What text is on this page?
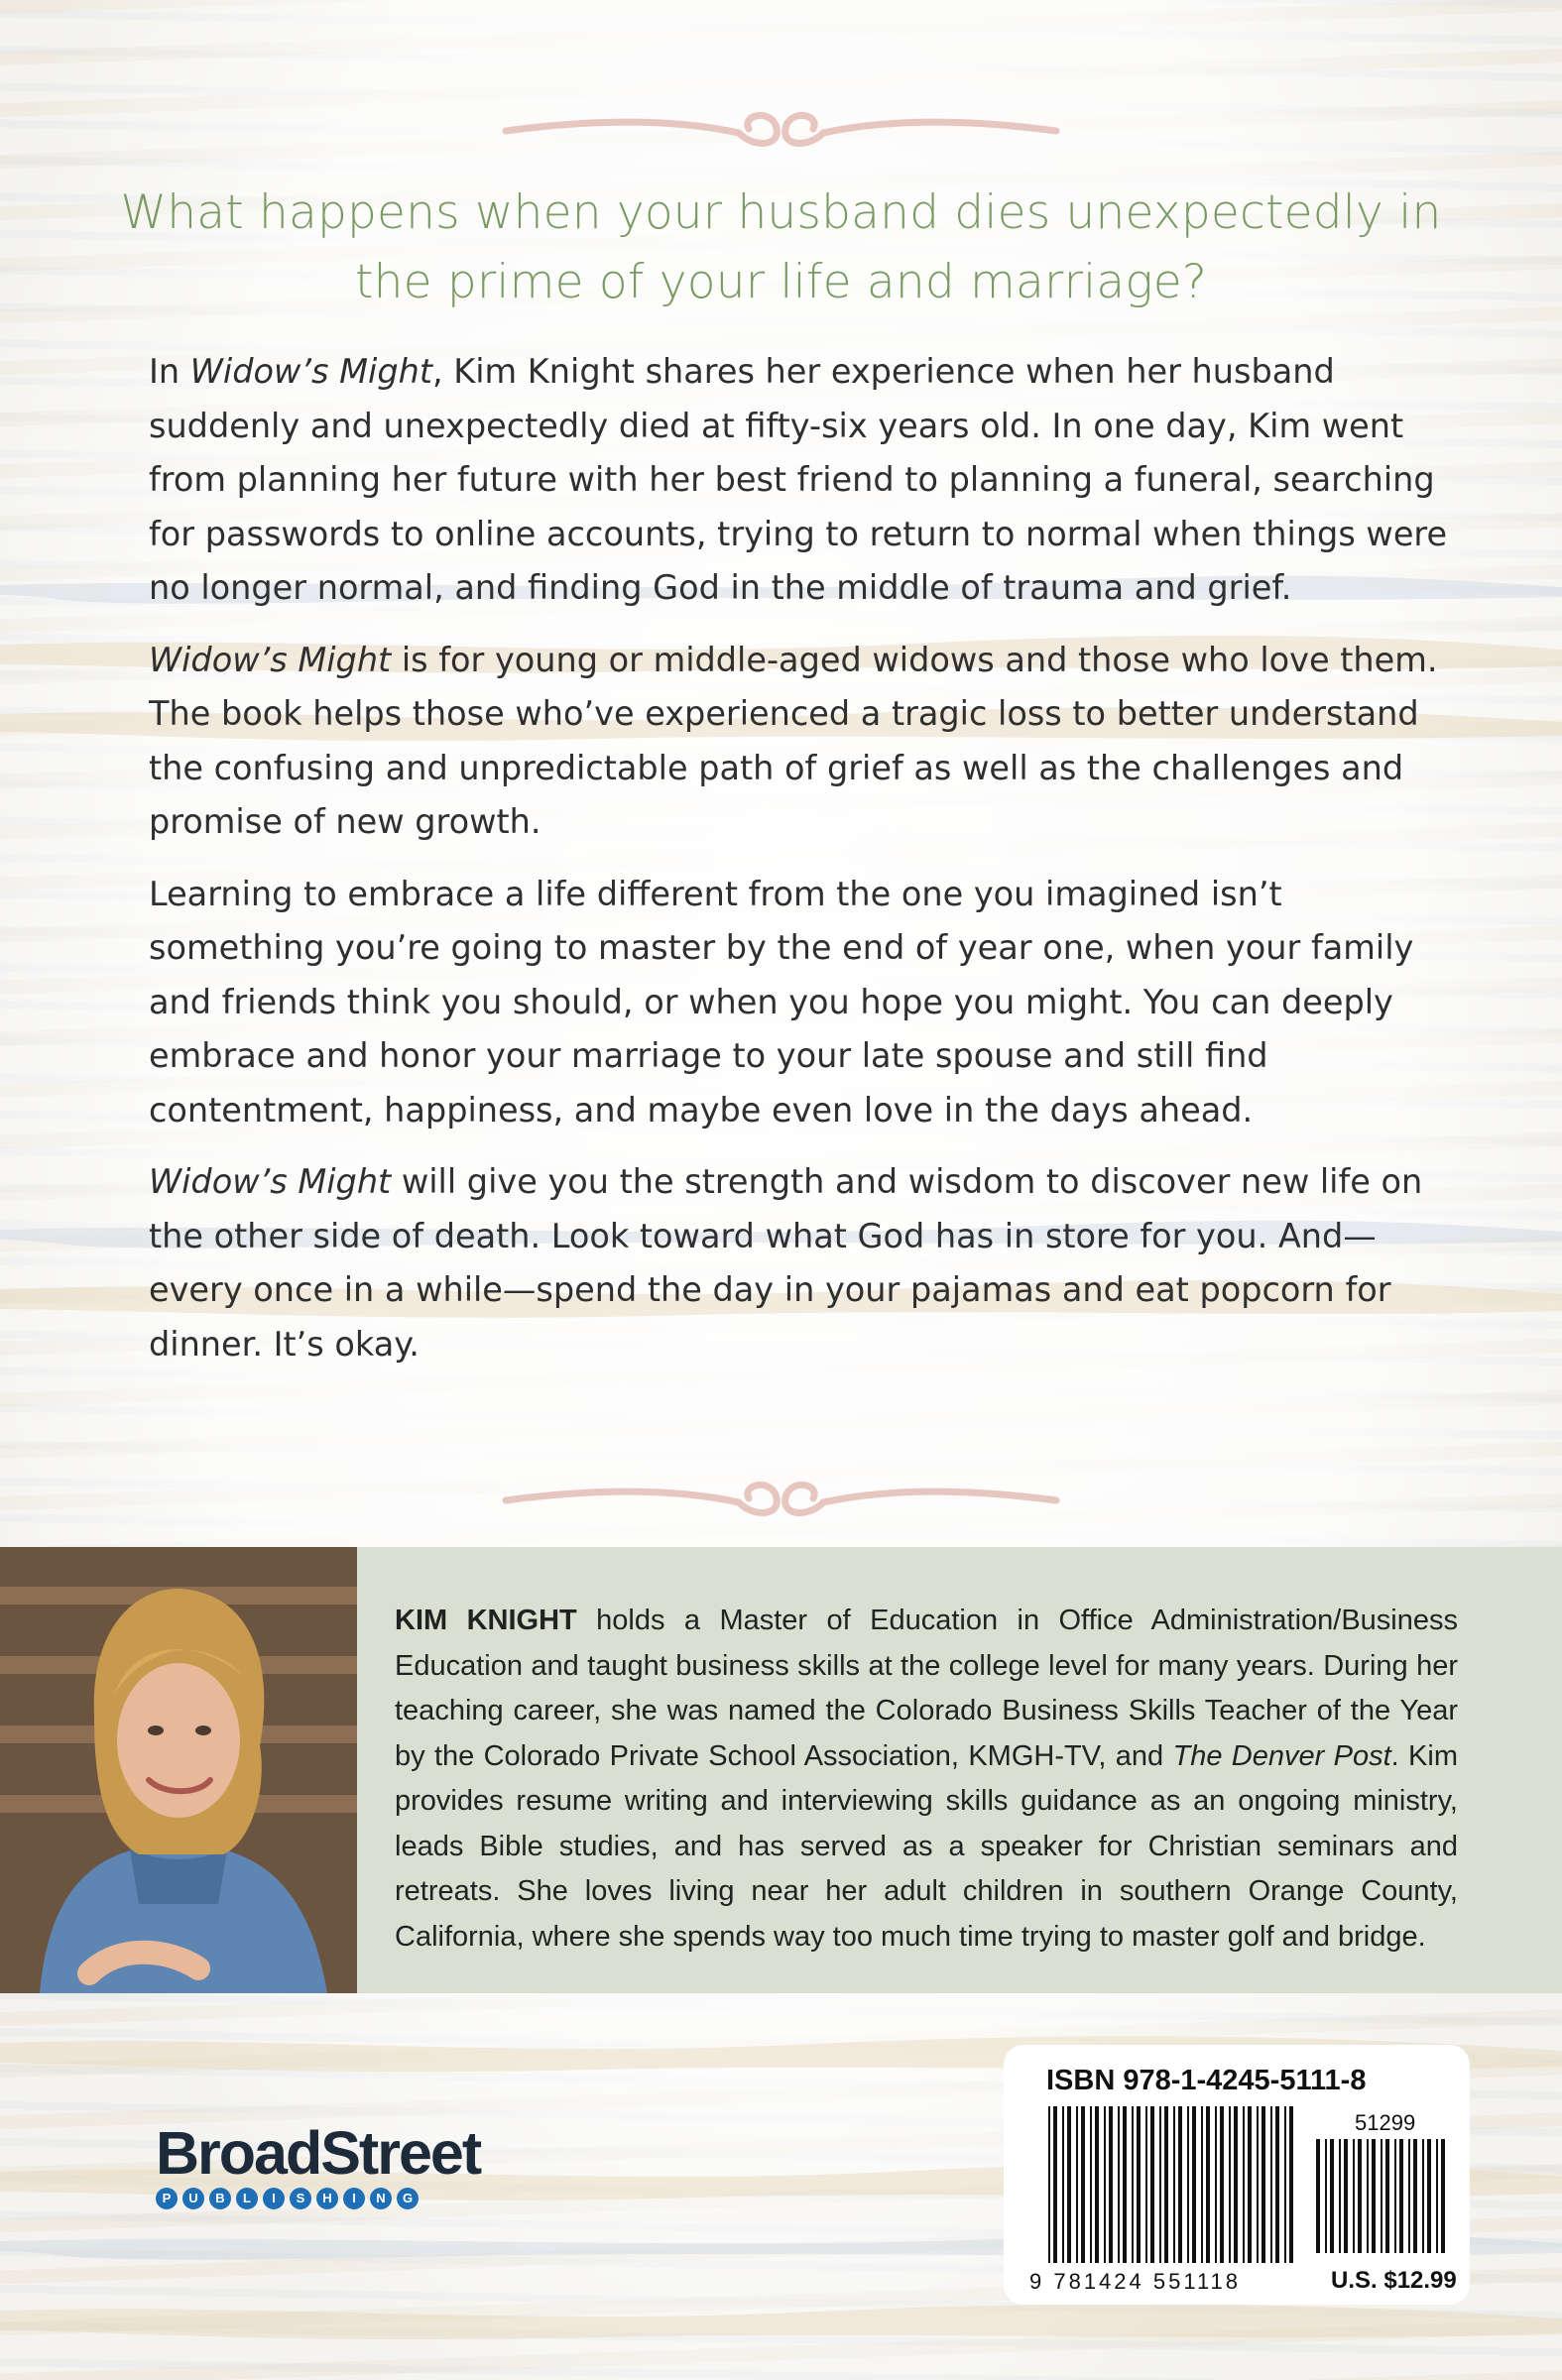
What happens when your husband dies unexpectedly in the prime of your life and marriage?

In Widow’s Might, Kim Knight shares her experience when her husband suddenly and unexpectedly died at fifty-six years old. In one day, Kim went from planning her future with her best friend to planning a funeral, searching for passwords to online accounts, trying to return to normal when things were no longer normal, and finding God in the middle of trauma and grief.

Widow’s Might is for young or middle-aged widows and those who love them. The book helps those who’ve experienced a tragic loss to better understand the confusing and unpredictable path of grief as well as the challenges and promise of new growth.

Learning to embrace a life different from the one you imagined isn’t something you’re going to master by the end of year one, when your family and friends think you should, or when you hope you might. You can deeply embrace and honor your marriage to your late spouse and still find contentment, happiness, and maybe even love in the days ahead.

Widow’s Might will give you the strength and wisdom to discover new life on the other side of death. Look toward what God has in store for you. And—every once in a while—spend the day in your pajamas and eat popcorn for dinner. It’s okay.

KIM KNIGHT holds a Master of Education in Office Administration/Business Education and taught business skills at the college level for many years. During her teaching career, she was named the Colorado Business Skills Teacher of the Year by the Colorado Private School Association, KMGH-TV, and The Denver Post. Kim provides resume writing and interviewing skills guidance as an ongoing ministry, leads Bible studies, and has served as a speaker for Christian seminars and retreats. She loves living near her adult children in southern Orange County, California, where she spends way too much time trying to master golf and bridge.
BroadStreet
P	U	B	L	I	S	H	I	N	G
ISBN 978-1-4245-5111-8
51299
9 781424 551118	U.S. $12.99
